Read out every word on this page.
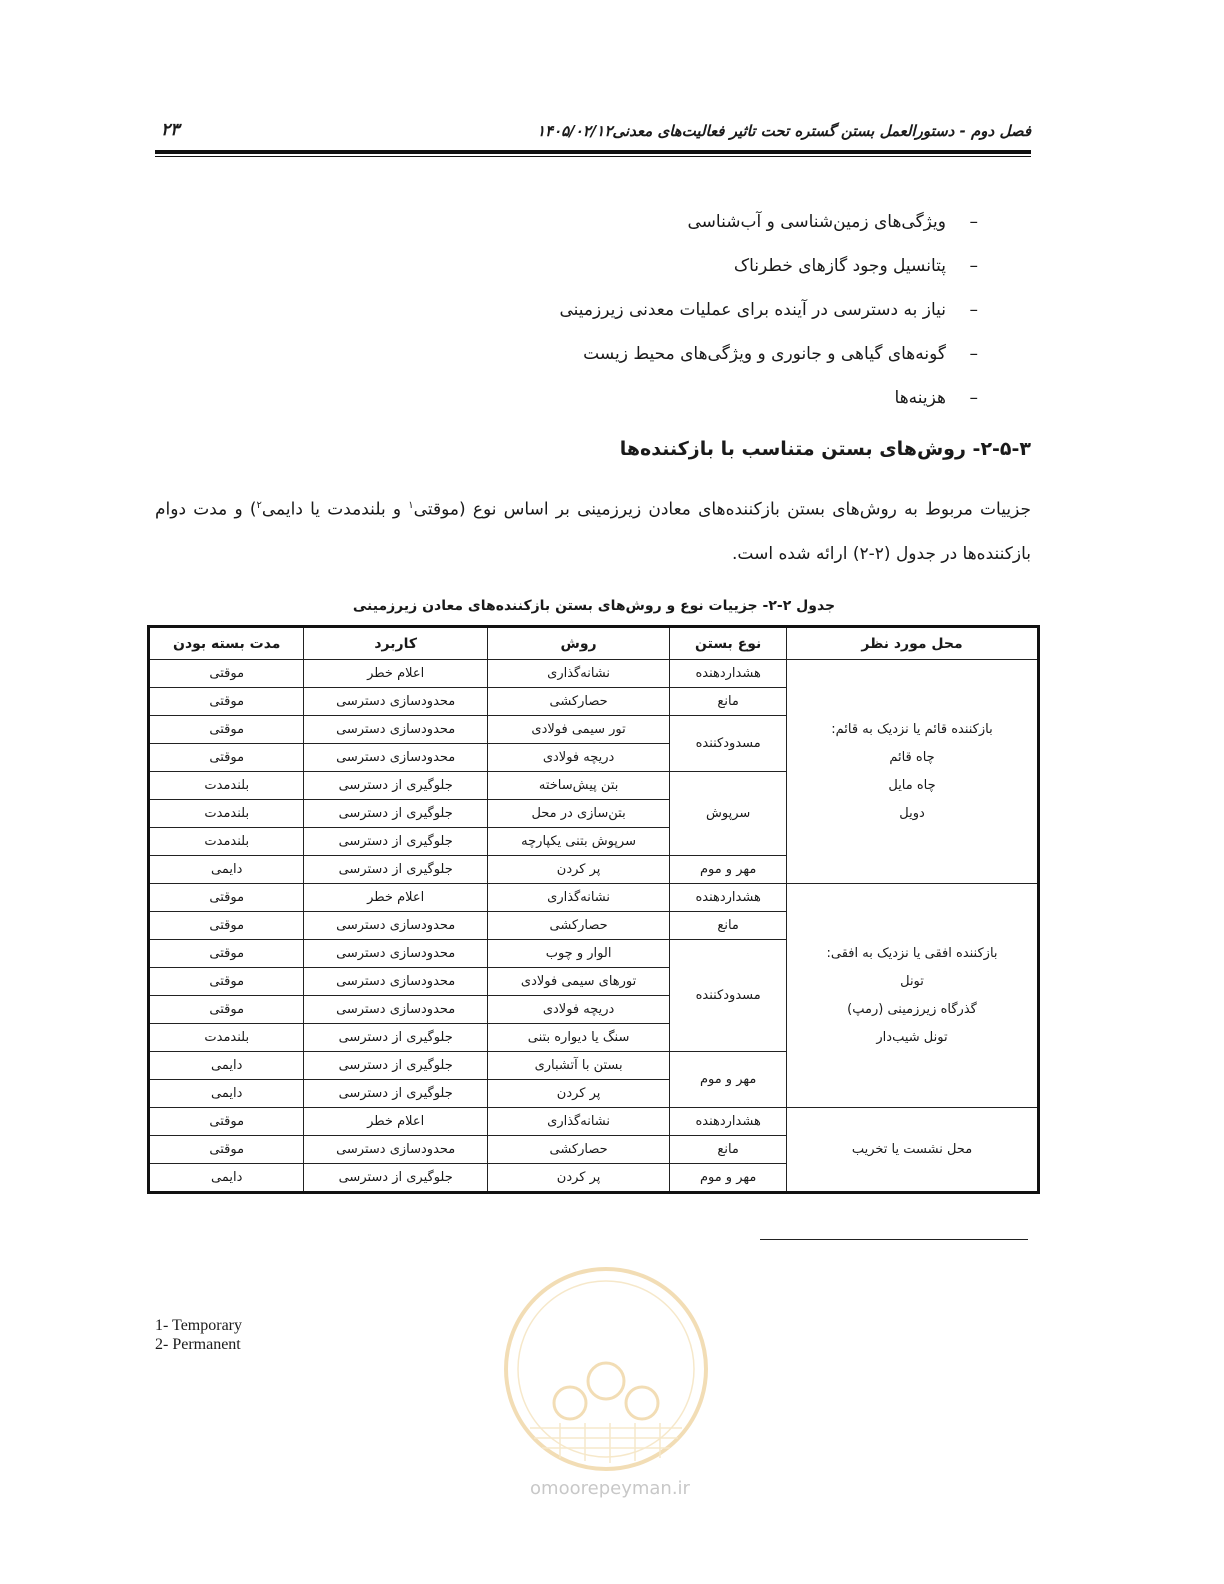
فصل دوم - دستورالعمل بستن گستره تحت تاثیر فعالیت‌های معدنی۱۴۰۵/۰۲/۱۲
۲۳
–
ویژگی‌های زمین‌شناسی و آب‌شناسی
–
پتانسیل وجود گازهای خطرناک
–
نیاز به دسترسی در آینده برای عملیات معدنی زیرزمینی
–
گونه‌های گیاهی و جانوری و ویژگی‌های محیط زیست
–
هزینه‌ها
۲-۵-۳- روش‌های بستن متناسب با بازکننده‌ها

جزییات مربوط به روش‌های بستن بازکننده‌های معادن زیرزمینی بر اساس نوع (موقتی$^۱$ و بلندمدت یا دایمی$^۲$) و مدت دوام بازکننده‌ها در جدول (۲-۲) ارائه شده است.

جدول ۲-۲- جزییات نوع و روش‌های بستن بازکننده‌های معادن زیرزمینی
محل مورد نظر	نوع بستن	روش	کاربرد	مدت بسته بودن

بازکننده قائم یا نزدیک به قائم:
چاه قائم
چاه مایل
دویل	هشداردهنده	نشانه‌گذاری	اعلام خطر	موقتی
	مانع	حصارکشی	محدودسازی دسترسی	موقتی
	مسدودکننده	تور سیمی فولادی	محدودسازی دسترسی	موقتی
		دریچه فولادی	محدودسازی دسترسی	موقتی
	سرپوش	بتن پیش‌ساخته	جلوگیری از دسترسی	بلندمدت
		بتن‌سازی در محل	جلوگیری از دسترسی	بلندمدت
		سرپوش بتنی یکپارچه	جلوگیری از دسترسی	بلندمدت
	مهر و موم	پر کردن	جلوگیری از دسترسی	دایمی

بازکننده افقی یا نزدیک به افقی:
تونل
گذرگاه زیرزمینی (رمپ)
تونل شیب‌دار	هشداردهنده	نشانه‌گذاری	اعلام خطر	موقتی
	مانع	حصارکشی	محدودسازی دسترسی	موقتی
	مسدودکننده	الوار و چوب	محدودسازی دسترسی	موقتی
		تورهای سیمی فولادی	محدودسازی دسترسی	موقتی
		دریچه فولادی	محدودسازی دسترسی	موقتی
		سنگ یا دیواره بتنی	جلوگیری از دسترسی	بلندمدت
	مهر و موم	بستن با آتشباری	جلوگیری از دسترسی	دایمی
		پر کردن	جلوگیری از دسترسی	دایمی

محل نشست یا تخریب	هشداردهنده	نشانه‌گذاری	اعلام خطر	موقتی
	مانع	حصارکشی	محدودسازی دسترسی	موقتی
	مهر و موم	پر کردن	جلوگیری از دسترسی	دایمی
1- Temporary
2- Permanent
omoorepeyman.ir
